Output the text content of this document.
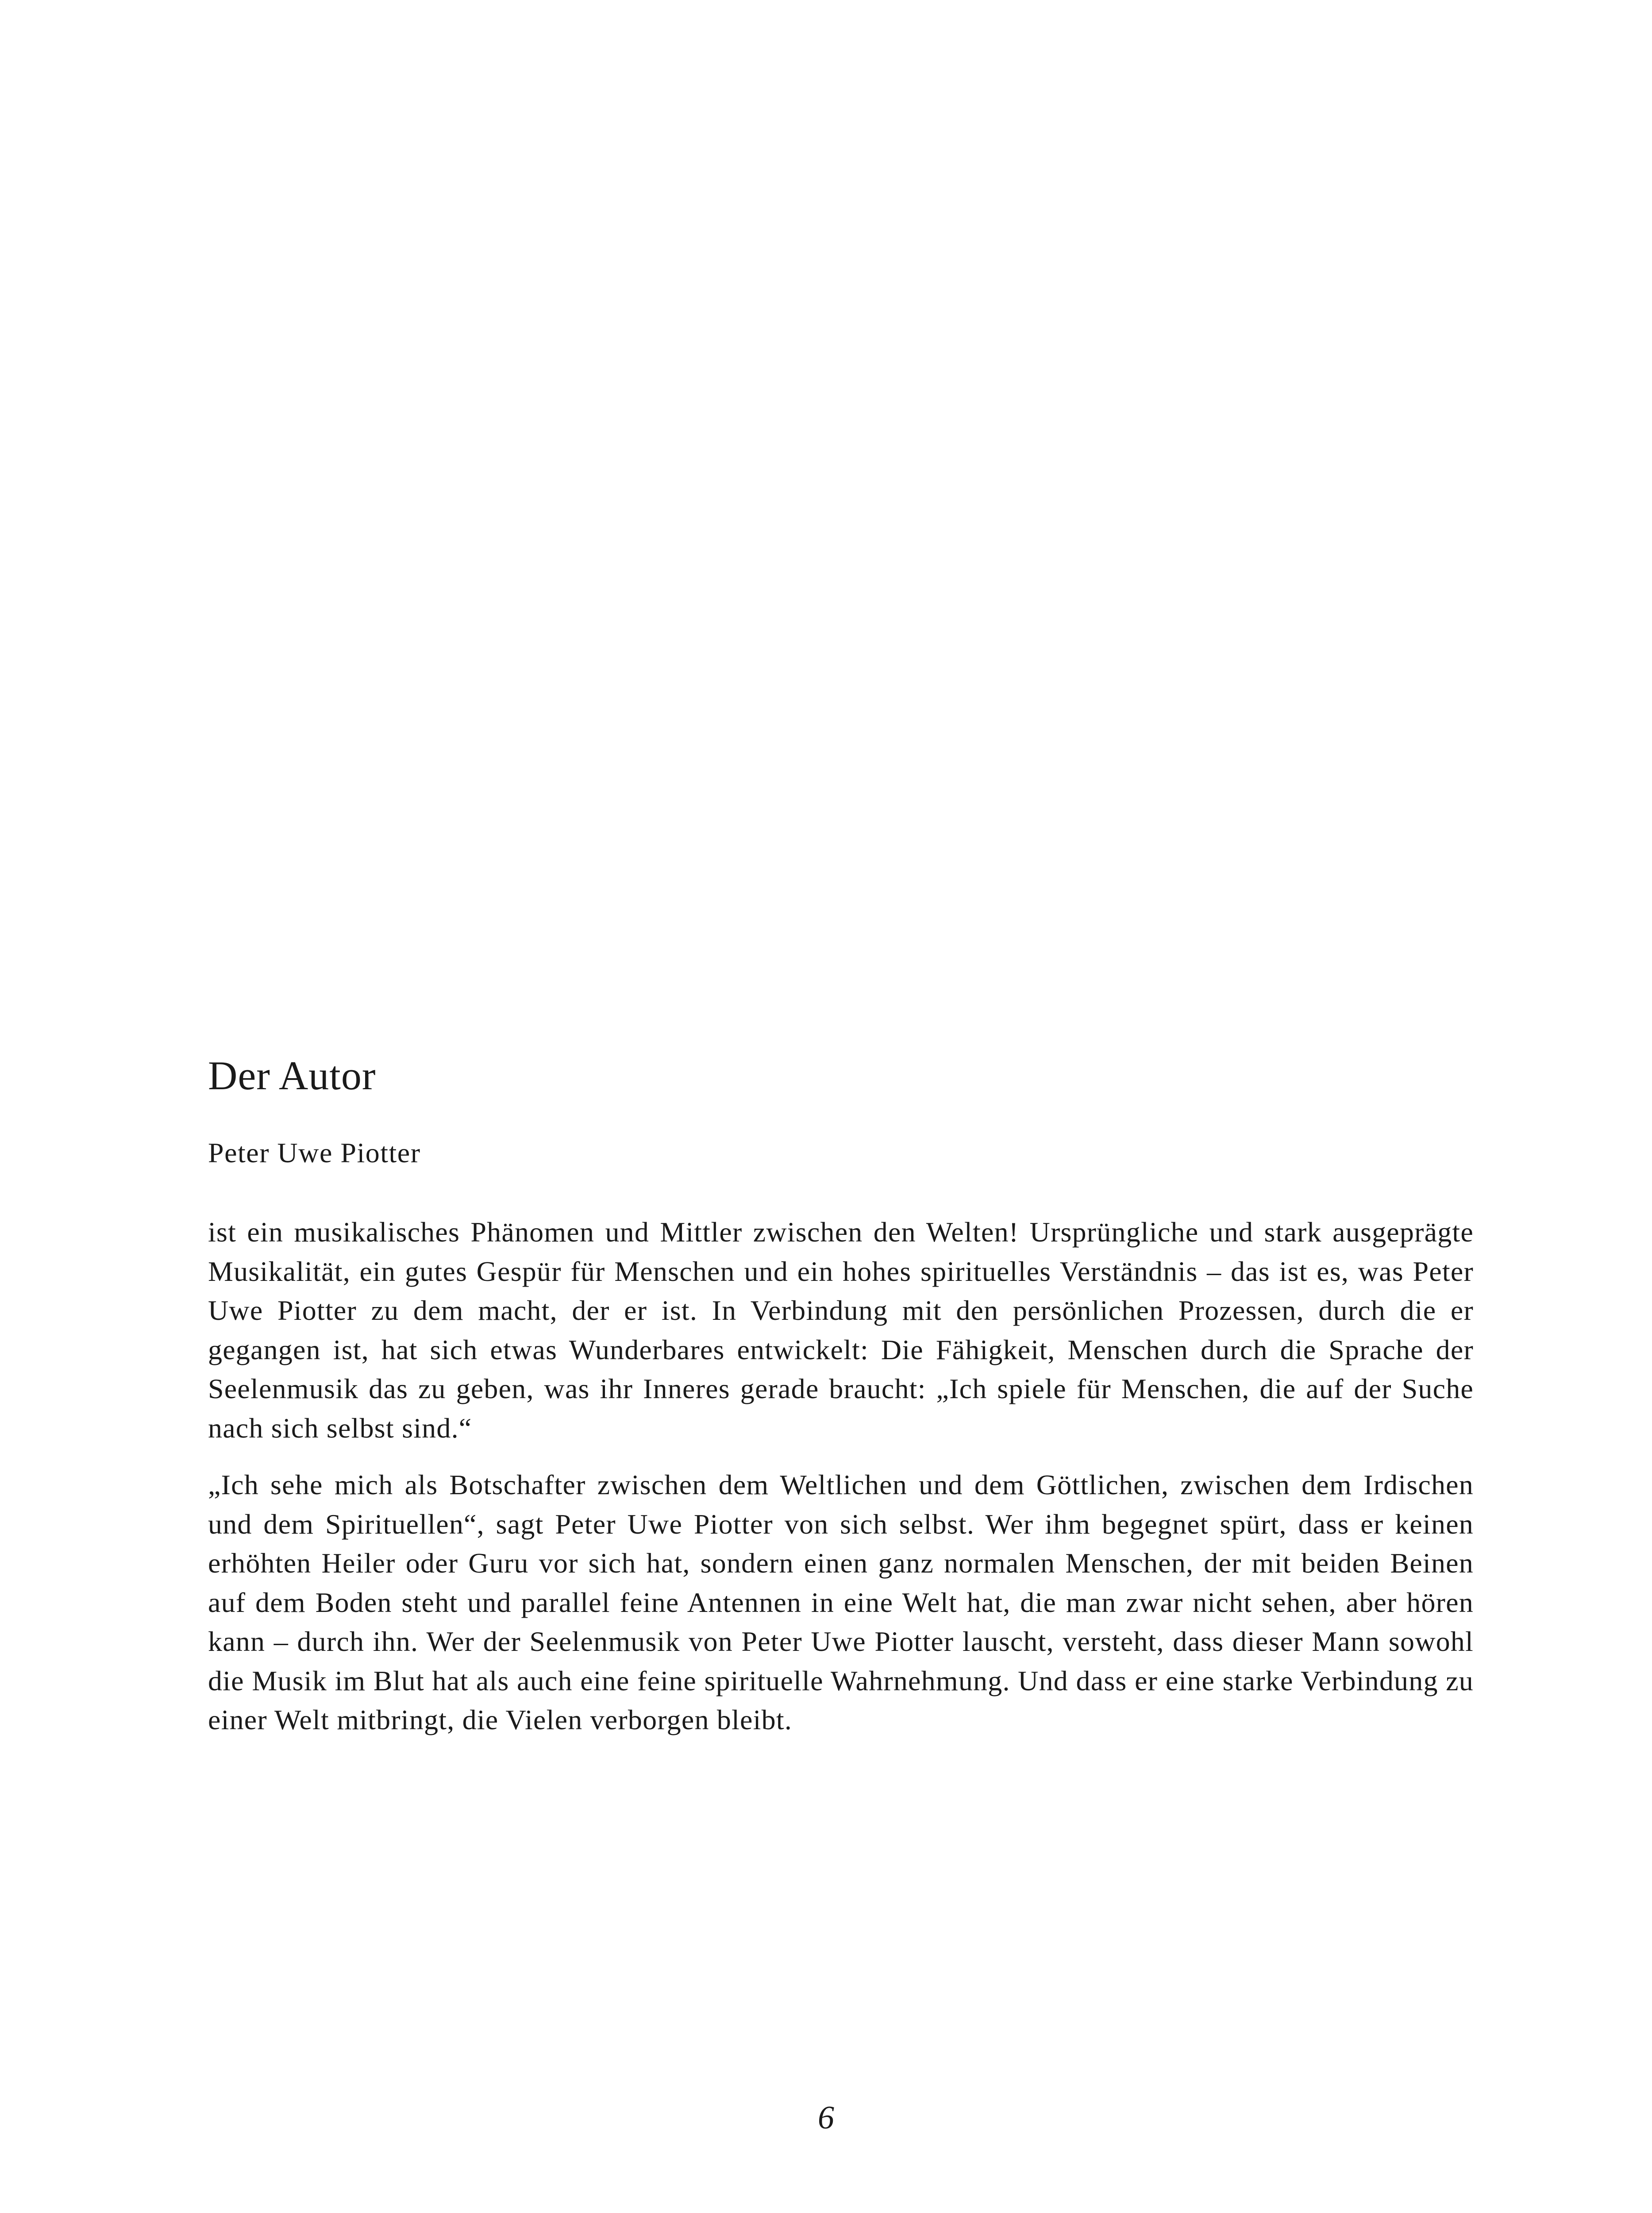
Der Autor

Peter Uwe Piotter

ist ein musikalisches Phänomen und Mittler zwischen den Welten! Ursprüngliche und stark ausgeprägte Musikalität, ein gutes Gespür für Menschen und ein hohes spirituelles Verständnis – das ist es, was Peter Uwe Piotter zu dem macht, der er ist. In Verbindung mit den persönlichen Prozessen, durch die er gegangen ist, hat sich etwas Wunderbares entwickelt: Die Fähigkeit, Menschen durch die Sprache der Seelenmusik das zu geben, was ihr Inneres gerade braucht: „Ich spiele für Menschen, die auf der Suche nach sich selbst sind.“

„Ich sehe mich als Botschafter zwischen dem Weltlichen und dem Göttlichen, zwischen dem Irdischen und dem Spirituellen“, sagt Peter Uwe Piotter von sich selbst. Wer ihm begegnet spürt, dass er keinen erhöhten Heiler oder Guru vor sich hat, sondern einen ganz normalen Menschen, der mit beiden Beinen auf dem Boden steht und parallel feine Antennen in eine Welt hat, die man zwar nicht sehen, aber hören kann – durch ihn. Wer der Seelenmusik von Peter Uwe Piotter lauscht, versteht, dass dieser Mann sowohl die Musik im Blut hat als auch eine feine spirituelle Wahrnehmung. Und dass er eine starke Verbindung zu einer Welt mitbringt, die Vielen verborgen bleibt.

6
